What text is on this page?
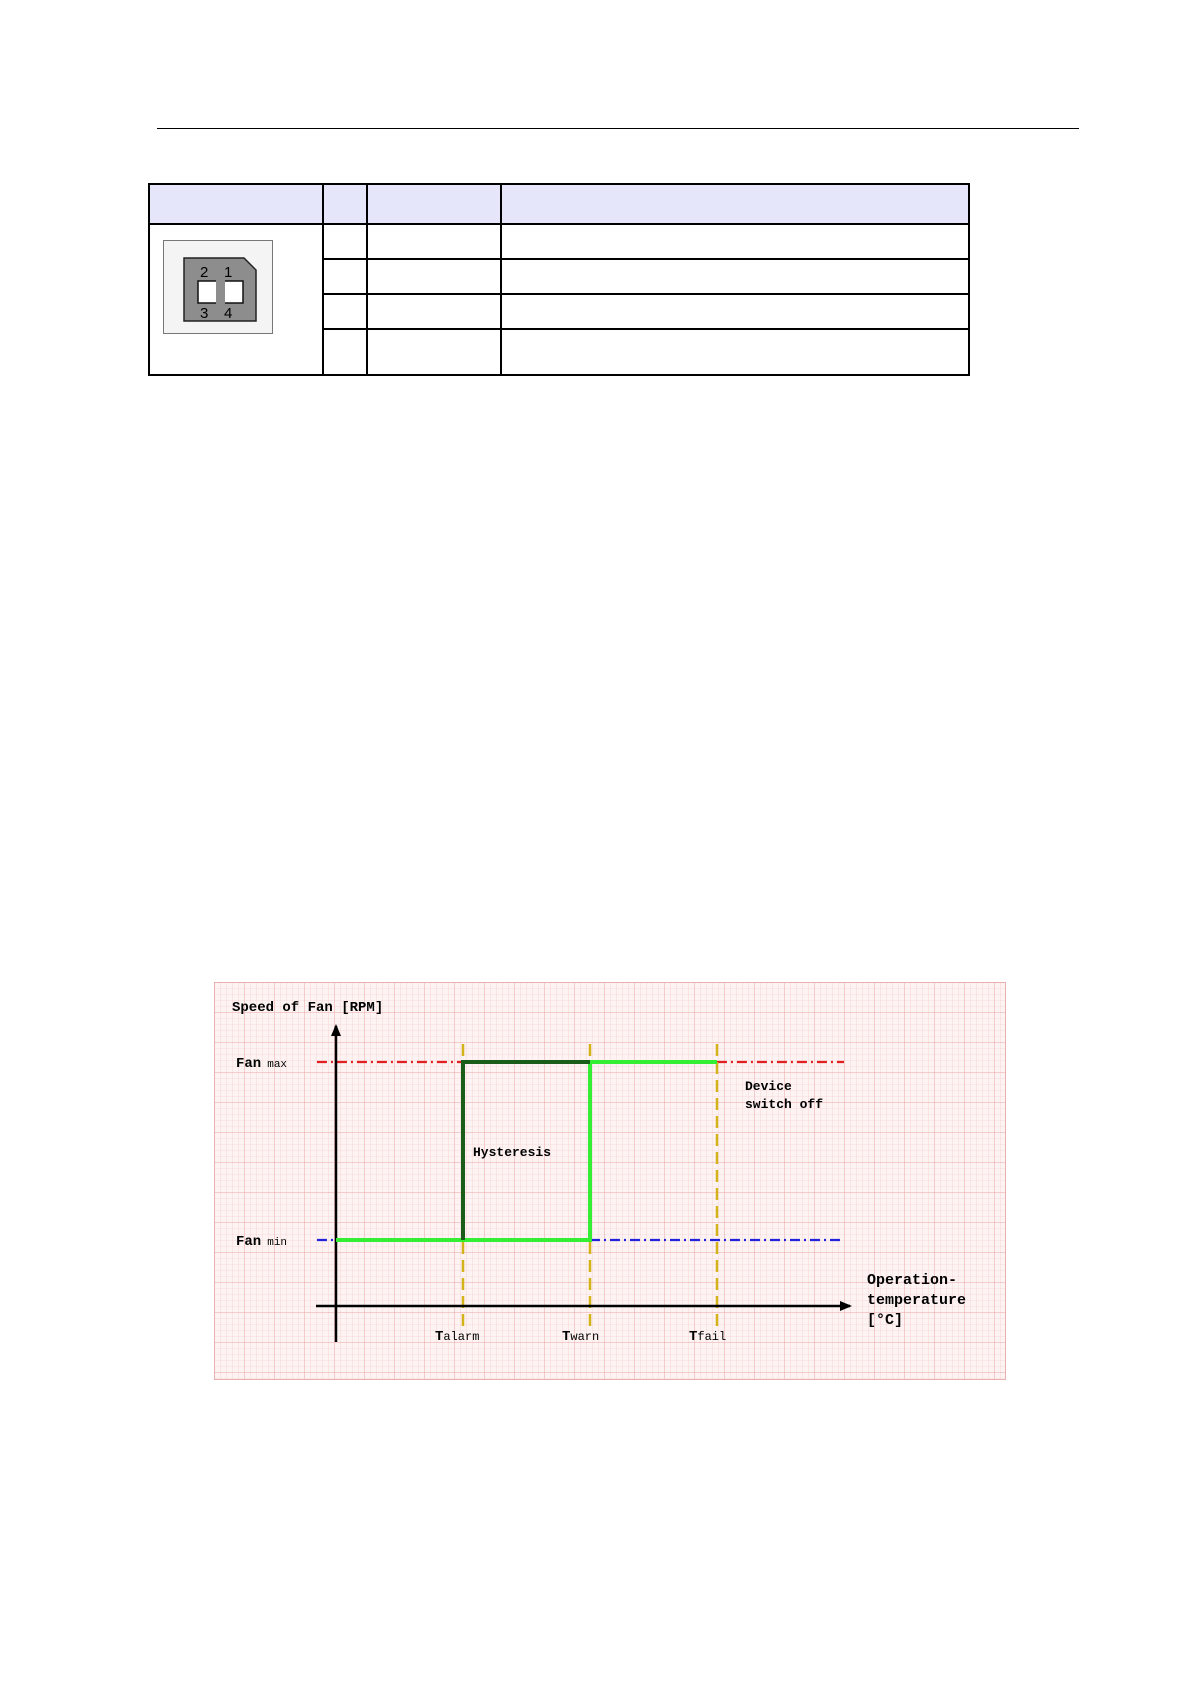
2 1
3 4			

Speed of Fan [RPM]
Operation-
temperature
[°C]
Fan max
Fan min
Talarm	Twarn	Tfail
Hysteresis
Device
switch off
